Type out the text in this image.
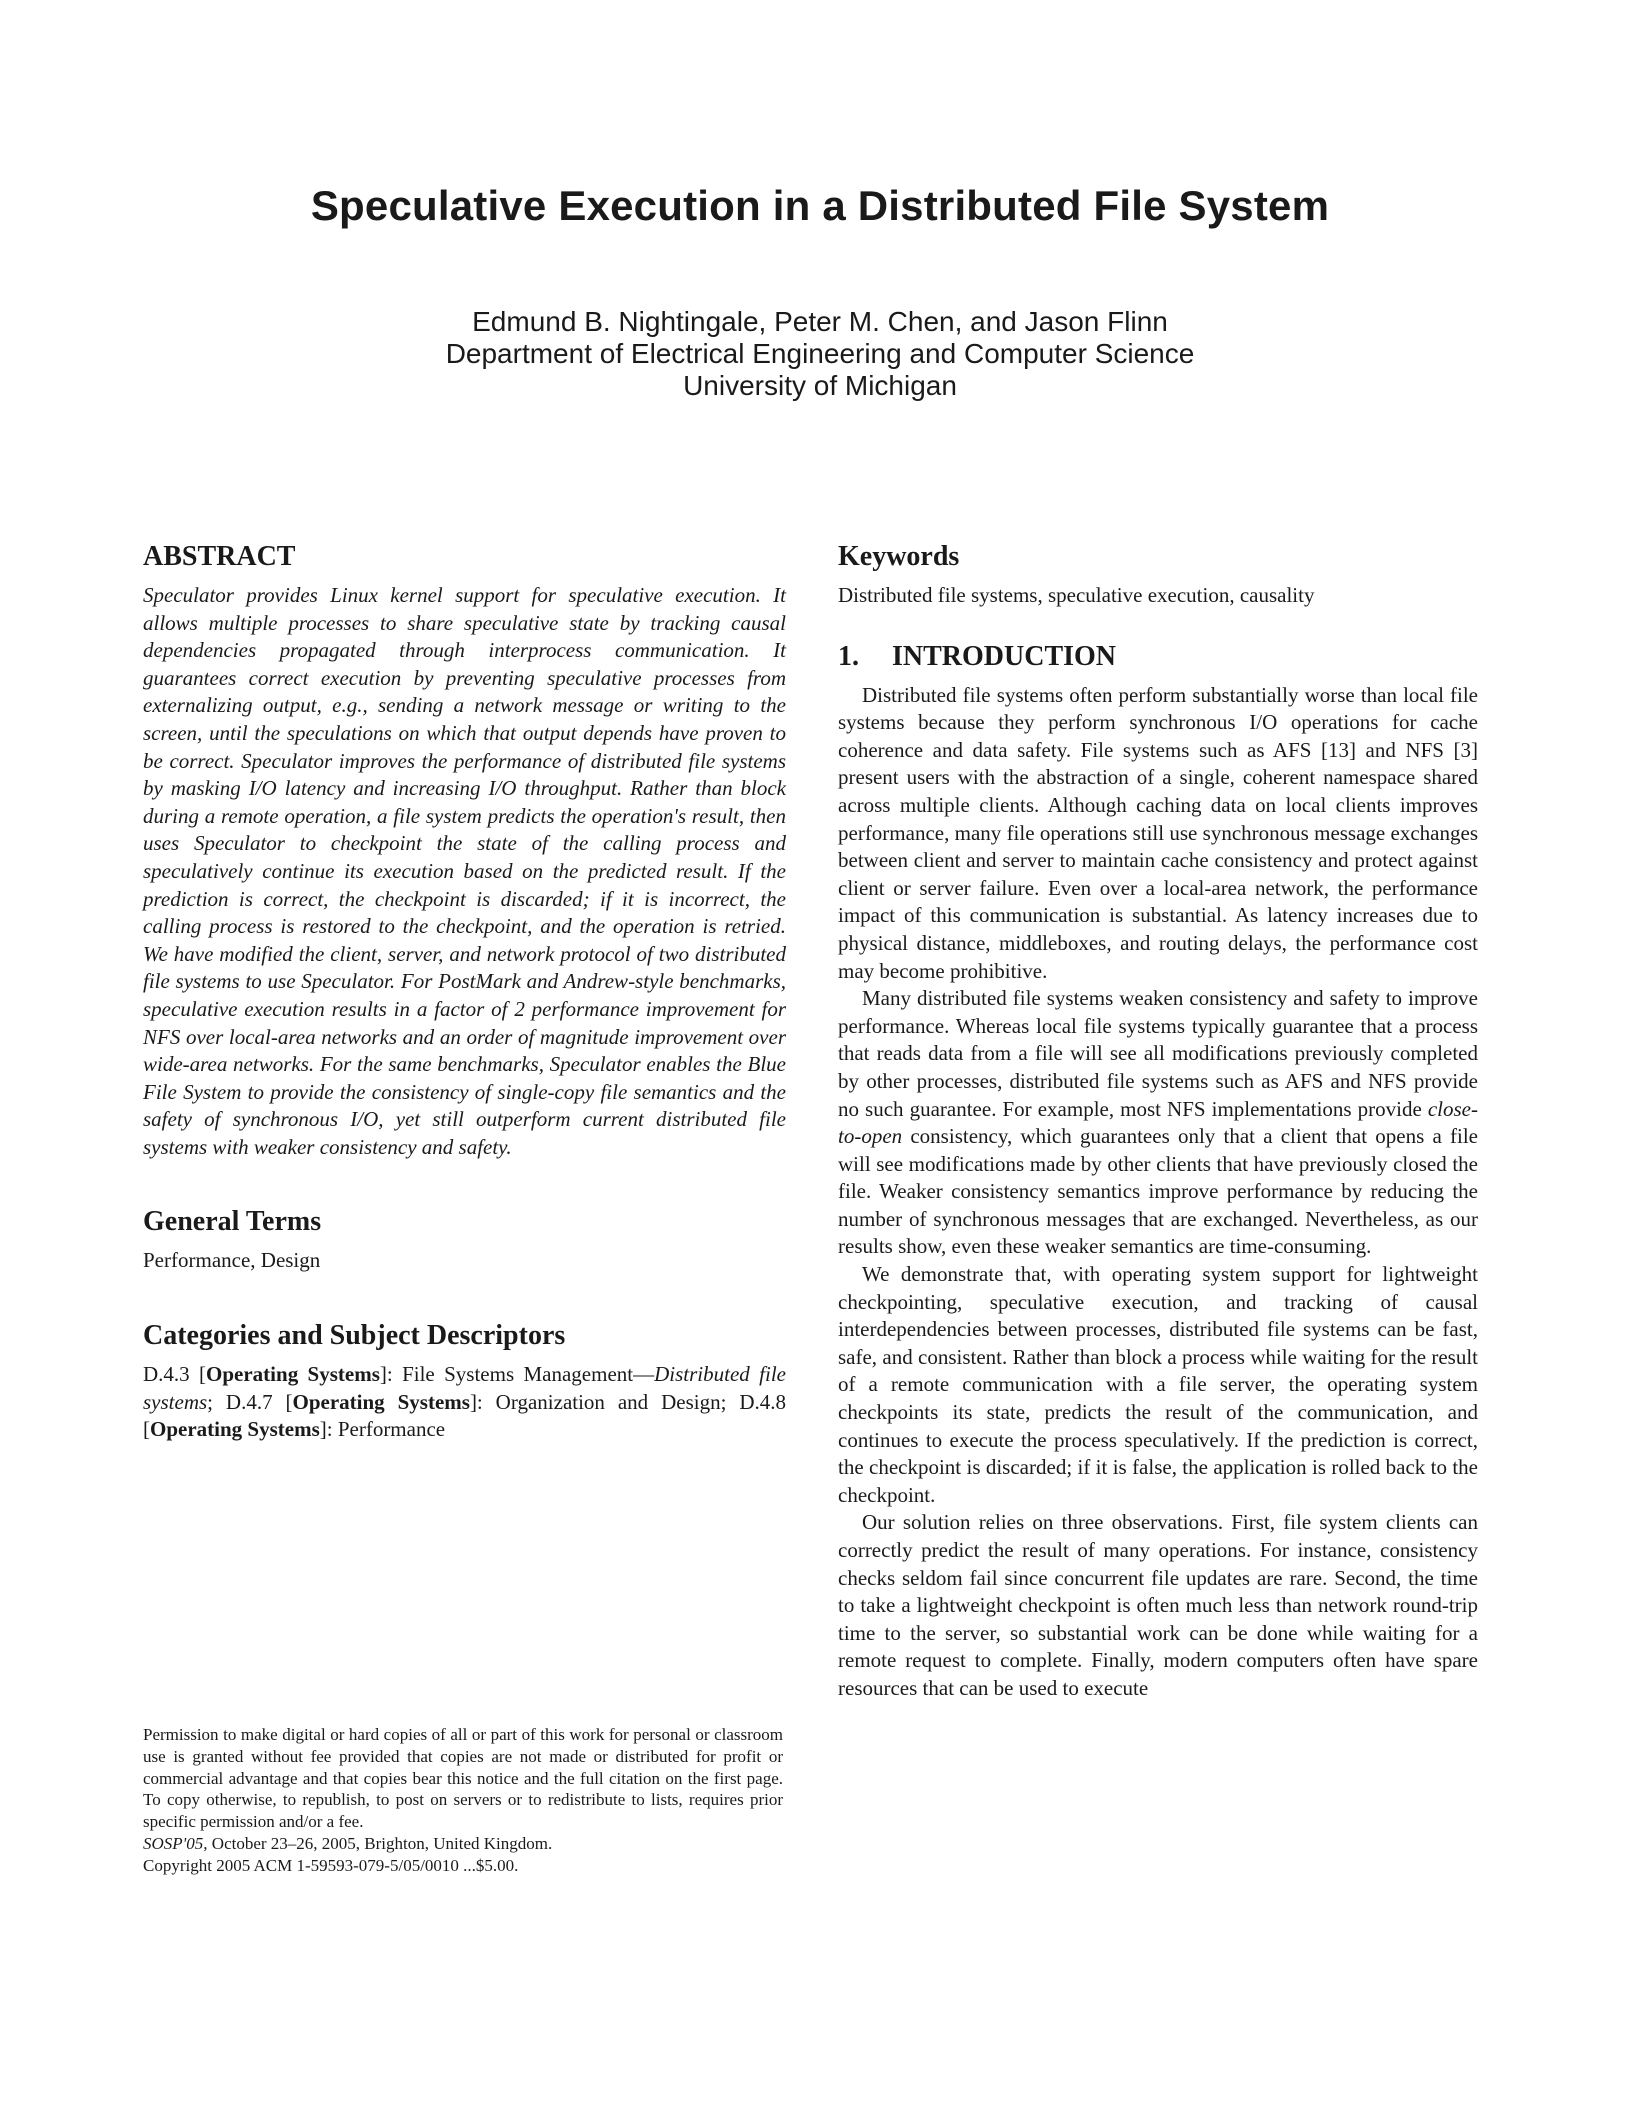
Speculative Execution in a Distributed File System
Edmund B. Nightingale, Peter M. Chen, and Jason Flinn
Department of Electrical Engineering and Computer Science
University of Michigan
ABSTRACT

Speculator provides Linux kernel support for speculative execution. It allows multiple processes to share speculative state by tracking causal dependencies propagated through interprocess communication. It guarantees correct execution by preventing speculative processes from externalizing output, e.g., sending a network message or writing to the screen, until the speculations on which that output depends have proven to be correct. Speculator improves the performance of distributed file systems by masking I/O latency and increasing I/O throughput. Rather than block during a remote operation, a file system predicts the operation's result, then uses Speculator to checkpoint the state of the calling process and speculatively continue its execution based on the predicted result. If the prediction is correct, the checkpoint is discarded; if it is incorrect, the calling process is restored to the checkpoint, and the operation is retried. We have modified the client, server, and network protocol of two distributed file systems to use Speculator. For PostMark and Andrew-style benchmarks, speculative execution results in a factor of 2 performance improvement for NFS over local-area networks and an order of magnitude improvement over wide-area networks. For the same benchmarks, Speculator enables the Blue File System to provide the consistency of single-copy file semantics and the safety of synchronous I/O, yet still outperform current distributed file systems with weaker consistency and safety.

General Terms

Performance, Design

Categories and Subject Descriptors

D.4.3 [Operating Systems]: File Systems Management—Distributed file systems; D.4.7 [Operating Systems]: Organization and Design; D.4.8 [Operating Systems]: Performance

Permission to make digital or hard copies of all or part of this work for personal or classroom use is granted without fee provided that copies are not made or distributed for profit or commercial advantage and that copies bear this notice and the full citation on the first page. To copy otherwise, to republish, to post on servers or to redistribute to lists, requires prior specific permission and/or a fee.

SOSP'05, October 23–26, 2005, Brighton, United Kingdom.

Copyright 2005 ACM 1-59593-079-5/05/0010 ...$5.00.

Keywords

Distributed file systems, speculative execution, causality

1. INTRODUCTION

Distributed file systems often perform substantially worse than local file systems because they perform synchronous I/O operations for cache coherence and data safety. File systems such as AFS [13] and NFS [3] present users with the abstraction of a single, coherent namespace shared across multiple clients. Although caching data on local clients improves performance, many file operations still use synchronous message exchanges between client and server to maintain cache consistency and protect against client or server failure. Even over a local-area network, the performance impact of this communication is substantial. As latency increases due to physical distance, middleboxes, and routing delays, the performance cost may become prohibitive.

Many distributed file systems weaken consistency and safety to improve performance. Whereas local file systems typically guarantee that a process that reads data from a file will see all modifications previously completed by other processes, distributed file systems such as AFS and NFS provide no such guarantee. For example, most NFS implementations provide close-to-open consistency, which guarantees only that a client that opens a file will see modifications made by other clients that have previously closed the file. Weaker consistency semantics improve performance by reducing the number of synchronous messages that are exchanged. Nevertheless, as our results show, even these weaker semantics are time-consuming.

We demonstrate that, with operating system support for lightweight checkpointing, speculative execution, and tracking of causal interdependencies between processes, distributed file systems can be fast, safe, and consistent. Rather than block a process while waiting for the result of a remote communication with a file server, the operating system checkpoints its state, predicts the result of the communication, and continues to execute the process speculatively. If the prediction is correct, the checkpoint is discarded; if it is false, the application is rolled back to the checkpoint.

Our solution relies on three observations. First, file system clients can correctly predict the result of many operations. For instance, consistency checks seldom fail since concurrent file updates are rare. Second, the time to take a lightweight checkpoint is often much less than network round-trip time to the server, so substantial work can be done while waiting for a remote request to complete. Finally, modern computers often have spare resources that can be used to execute
